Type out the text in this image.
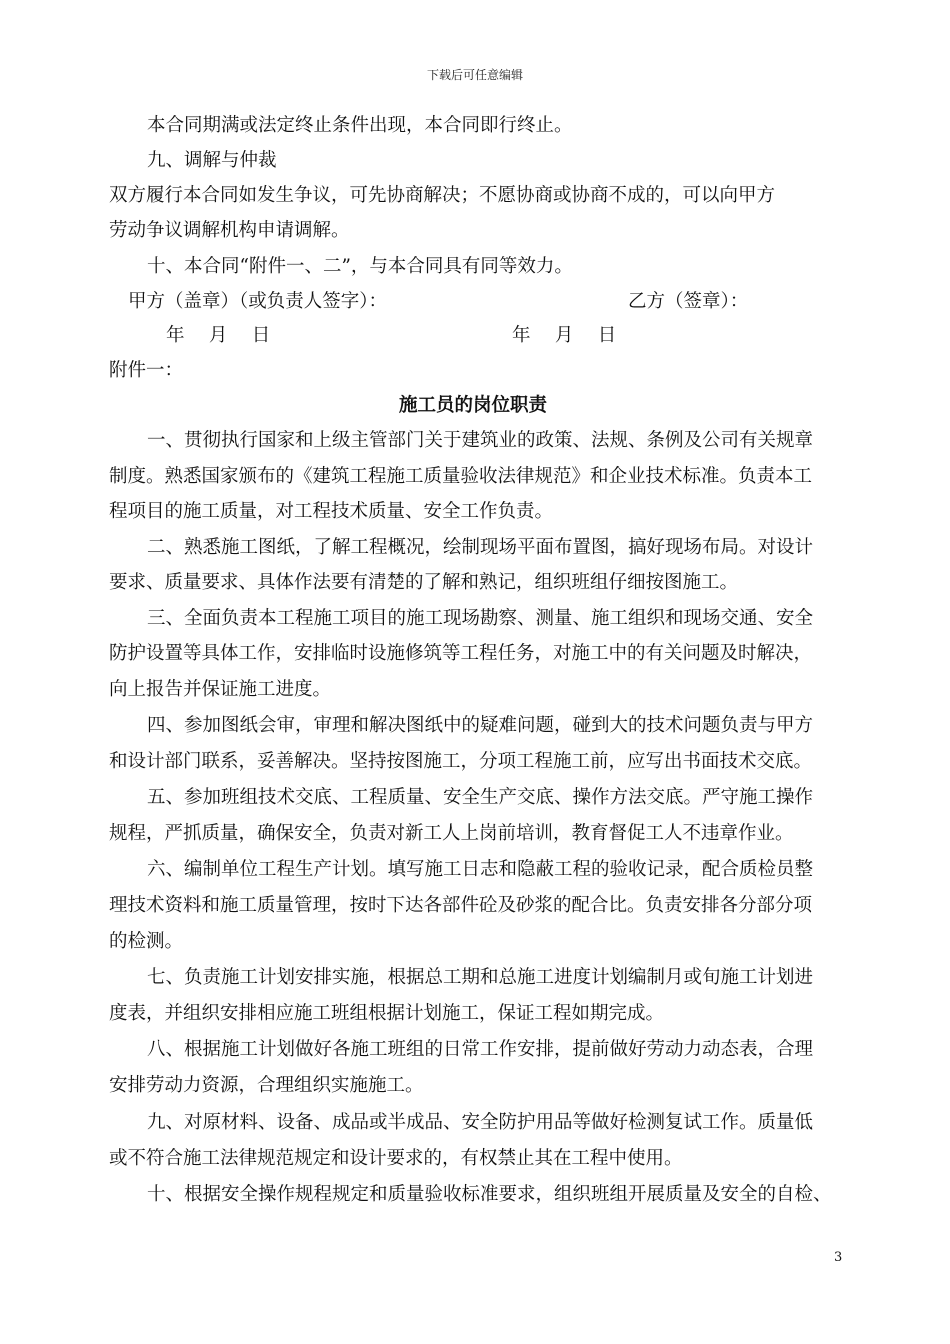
下载后可任意编辑
本合同期满或法定终止条件出现，本合同即行终止。
九、调解与仲裁
双方履行本合同如发生争议，可先协商解决；不愿协商或协商不成的，可以向甲方
劳动争议调解机构申请调解。
十、本合同“附件一、二”，与本合同具有同等效力。
甲方（盖章）（或负责人签字）：	乙方（签章）：
年　 月 　日	年　 月 　日
附件一：
施工员的岗位职责
一、贯彻执行国家和上级主管部门关于建筑业的政策、法规、条例及公司有关规章
制度。熟悉国家颁布的《建筑工程施工质量验收法律规范》和企业技术标准。负责本工
程项目的施工质量，对工程技术质量、安全工作负责。
二、熟悉施工图纸，了解工程概况，绘制现场平面布置图，搞好现场布局。对设计
要求、质量要求、具体作法要有清楚的了解和熟记，组织班组仔细按图施工。
三、全面负责本工程施工项目的施工现场勘察、测量、施工组织和现场交通、安全
防护设置等具体工作，安排临时设施修筑等工程任务，对施工中的有关问题及时解决，
向上报告并保证施工进度。
四、参加图纸会审，审理和解决图纸中的疑难问题，碰到大的技术问题负责与甲方
和设计部门联系，妥善解决。坚持按图施工，分项工程施工前，应写出书面技术交底。
五、参加班组技术交底、工程质量、安全生产交底、操作方法交底。严守施工操作
规程，严抓质量，确保安全，负责对新工人上岗前培训，教育督促工人不违章作业。
六、编制单位工程生产计划。填写施工日志和隐蔽工程的验收记录，配合质检员整
理技术资料和施工质量管理，按时下达各部件砼及砂浆的配合比。负责安排各分部分项
的检测。
七、负责施工计划安排实施，根据总工期和总施工进度计划编制月或旬施工计划进
度表，并组织安排相应施工班组根据计划施工，保证工程如期完成。
八、根据施工计划做好各施工班组的日常工作安排，提前做好劳动力动态表，合理
安排劳动力资源，合理组织实施施工。
九、对原材料、设备、成品或半成品、安全防护用品等做好检测复试工作。质量低
或不符合施工法律规范规定和设计要求的，有权禁止其在工程中使用。
十、根据安全操作规程规定和质量验收标准要求，组织班组开展质量及安全的自检、
3
